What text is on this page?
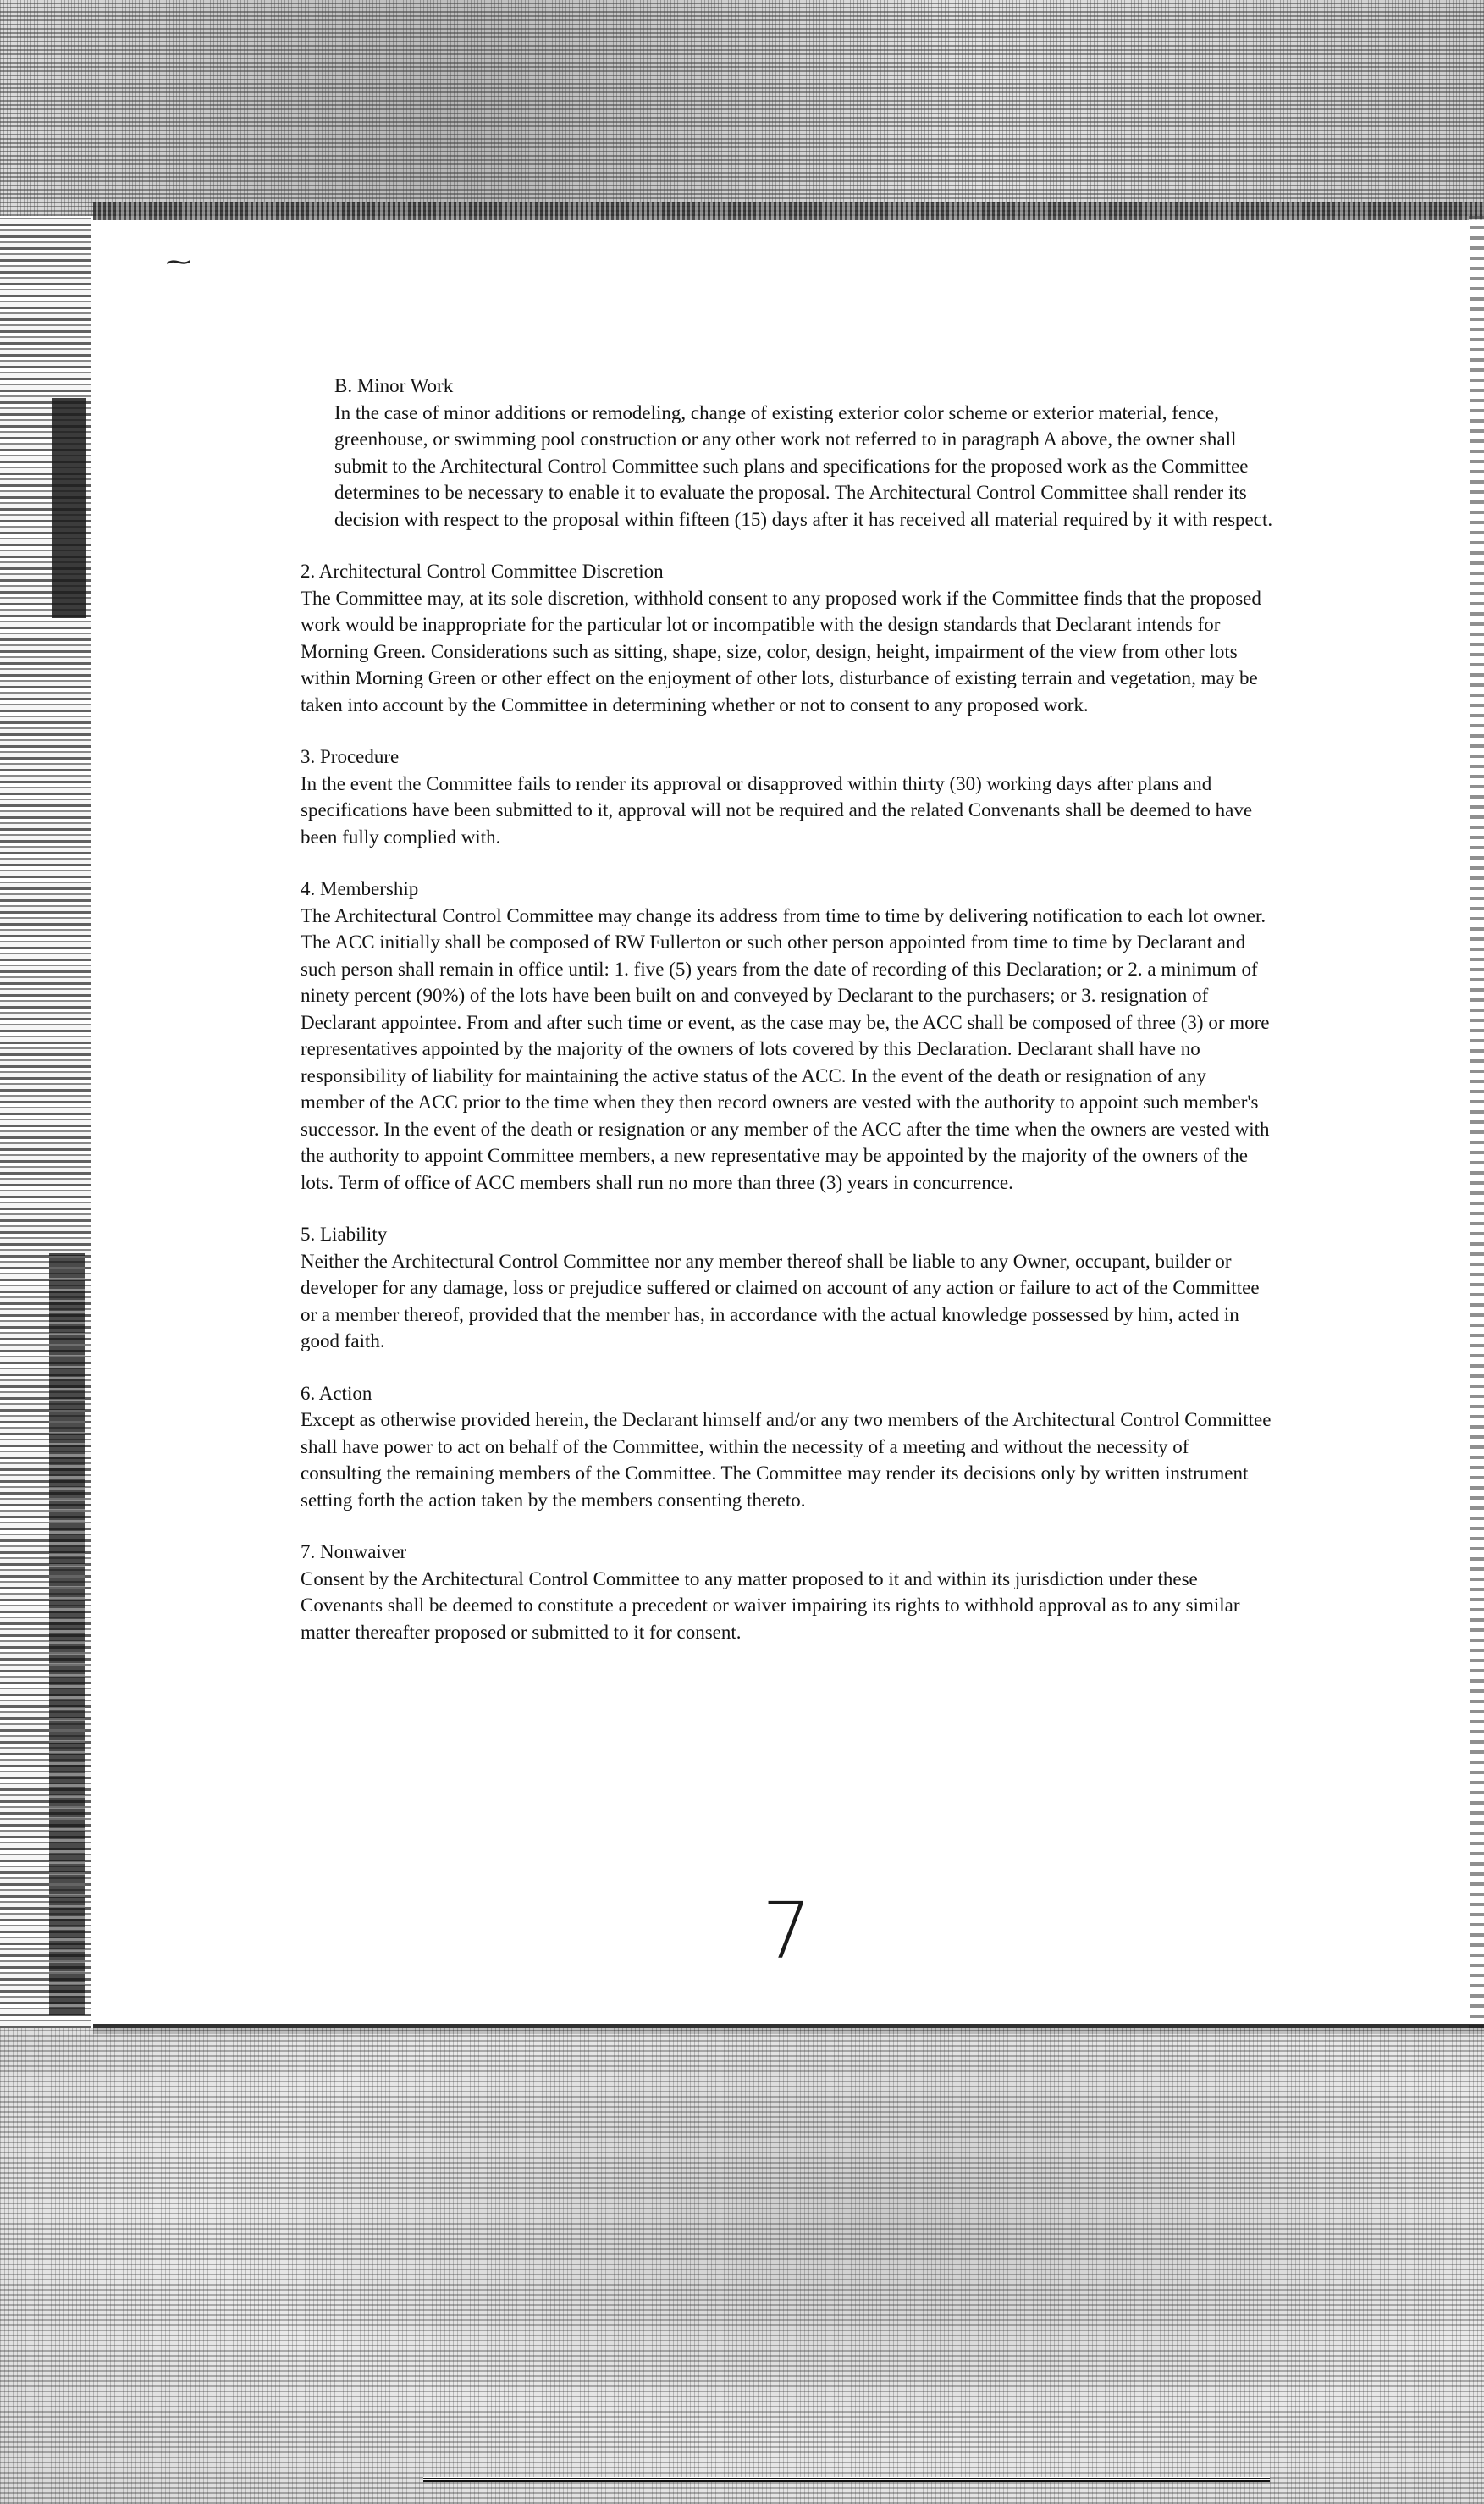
⁓
B. Minor Work
In the case of minor additions or remodeling, change of existing exterior color scheme or exterior material, fence, greenhouse, or swimming pool construction or any other work not referred to in paragraph A above, the owner shall submit to the Architectural Control Committee such plans and specifications for the proposed work as the Committee determines to be necessary to enable it to evaluate the proposal. The Architectural Control Committee shall render its decision with respect to the proposal within fifteen (15) days after it has received all material required by it with respect.
2. Architectural Control Committee Discretion
The Committee may, at its sole discretion, withhold consent to any proposed work if the Committee finds that the proposed work would be inappropriate for the particular lot or incompatible with the design standards that Declarant intends for Morning Green. Considerations such as sitting, shape, size, color, design, height, impairment of the view from other lots within Morning Green or other effect on the enjoyment of other lots, disturbance of existing terrain and vegetation, may be taken into account by the Committee in determining whether or not to consent to any proposed work.
3. Procedure
In the event the Committee fails to render its approval or disapproved within thirty (30) working days after plans and specifications have been submitted to it, approval will not be required and the related Convenants shall be deemed to have been fully complied with.
4. Membership
The Architectural Control Committee may change its address from time to time by delivering notification to each lot owner. The ACC initially shall be composed of RW Fullerton or such other person appointed from time to time by Declarant and such person shall remain in office until: 1. five (5) years from the date of recording of this Declaration; or 2. a minimum of ninety percent (90%) of the lots have been built on and conveyed by Declarant to the purchasers; or 3. resignation of Declarant appointee. From and after such time or event, as the case may be, the ACC shall be composed of three (3) or more representatives appointed by the majority of the owners of lots covered by this Declaration. Declarant shall have no responsibility of liability for maintaining the active status of the ACC. In the event of the death or resignation of any member of the ACC prior to the time when they then record owners are vested with the authority to appoint such member's successor. In the event of the death or resignation or any member of the ACC after the time when the owners are vested with the authority to appoint Committee members, a new representative may be appointed by the majority of the owners of the lots. Term of office of ACC members shall run no more than three (3) years in concurrence.
5. Liability
Neither the Architectural Control Committee nor any member thereof shall be liable to any Owner, occupant, builder or developer for any damage, loss or prejudice suffered or claimed on account of any action or failure to act of the Committee or a member thereof, provided that the member has, in accordance with the actual knowledge possessed by him, acted in good faith.
6. Action
Except as otherwise provided herein, the Declarant himself and/or any two members of the Architectural Control Committee shall have power to act on behalf of the Committee, within the necessity of a meeting and without the necessity of consulting the remaining members of the Committee. The Committee may render its decisions only by written instrument setting forth the action taken by the members consenting thereto.
7. Nonwaiver
Consent by the Architectural Control Committee to any matter proposed to it and within its jurisdiction under these Covenants shall be deemed to constitute a precedent or waiver impairing its rights to withhold approval as to any similar matter thereafter proposed or submitted to it for consent.
7
